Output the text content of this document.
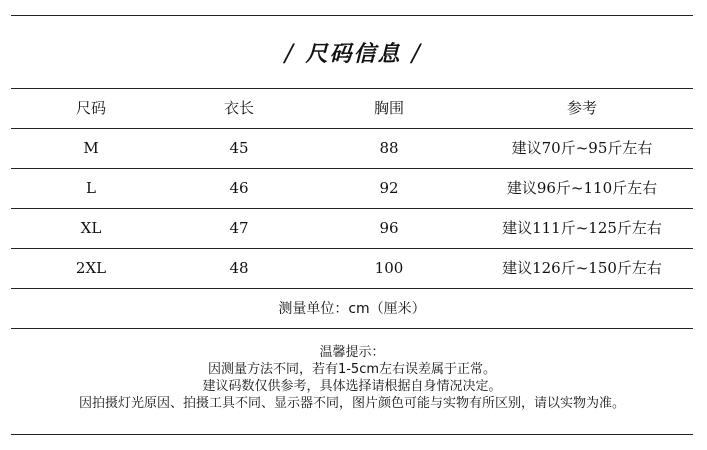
/ 尺码信息 /
尺码	衣长	胸围	参考
M	45	88	建议70斤~95斤左右
L	46	92	建议96斤~110斤左右
XL	47	96	建议111斤~125斤左右
2XL	48	100	建议126斤~150斤左右
测量单位：cm（厘米）
温馨提示：
因测量方法不同，若有1-5cm左右误差属于正常。
建议码数仅供参考，具体选择请根据自身情况决定。
因拍摄灯光原因、拍摄工具不同、显示器不同，图片颜色可能与实物有所区别，请以实物为准。
